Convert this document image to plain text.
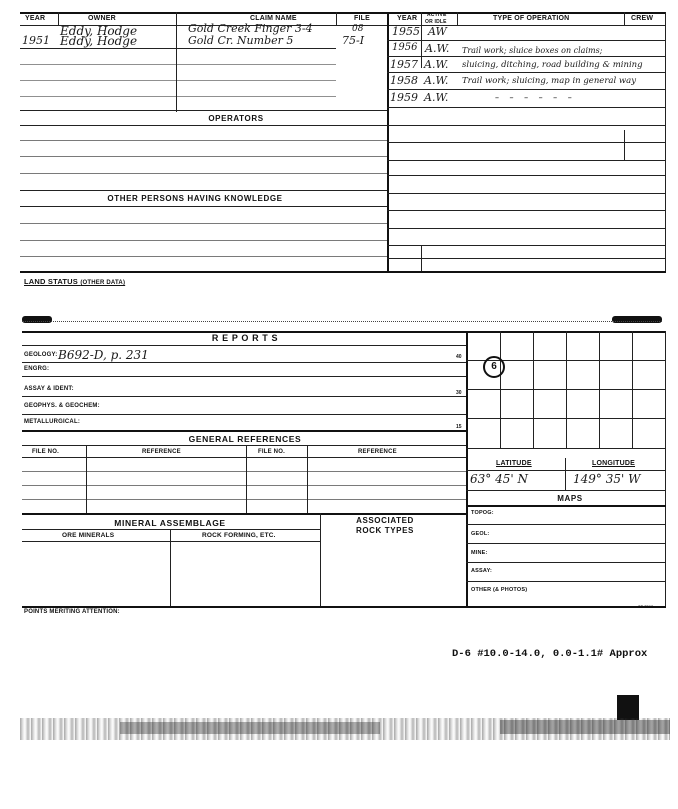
YEAR	OWNER	CLAIM NAME	FILE	YEAR ACTIVE
OR IDLE	TYPE OF OPERATION	CREW
Eddy, Hodge	Gold Creek Finger 3-4	08
1951 Eddy, Hodge	Gold Cr. Number 5	75-I
1955 AW
1956 A.W. Trail work; sluice boxes on claims;
1957 A.W. sluicing, ditching, road building & mining
1958 A.W. Trail work; sluicing, map in general way
1959 A.W.	– – – – – –
OPERATORS
OTHER PERSONS HAVING KNOWLEDGE
LAND STATUS (OTHER DATA)
R E P O R T S
GEOLOGY: B692-D, p. 231	40
ENGRG:
ASSAY & IDENT:
30
GEOPHYS. & GEOCHEM:
METALLURGICAL:
15
GENERAL REFERENCES
FILE NO.	REFERENCE	FILE NO.	REFERENCE
MINERAL ASSEMBLAGE	ASSOCIATED
ROCK TYPES
ORE MINERALS	ROCK FORMING, ETC.
POINTS MERITING ATTENTION:
SP 7219
6
LATITUDE	LONGITUDE
63° 45' N	149° 35' W
MAPS
TOPOG:
GEOL:
MINE:
ASSAY:
OTHER (& PHOTOS)
D-6 #10.0-14.0, 0.0-1.1# Approx
